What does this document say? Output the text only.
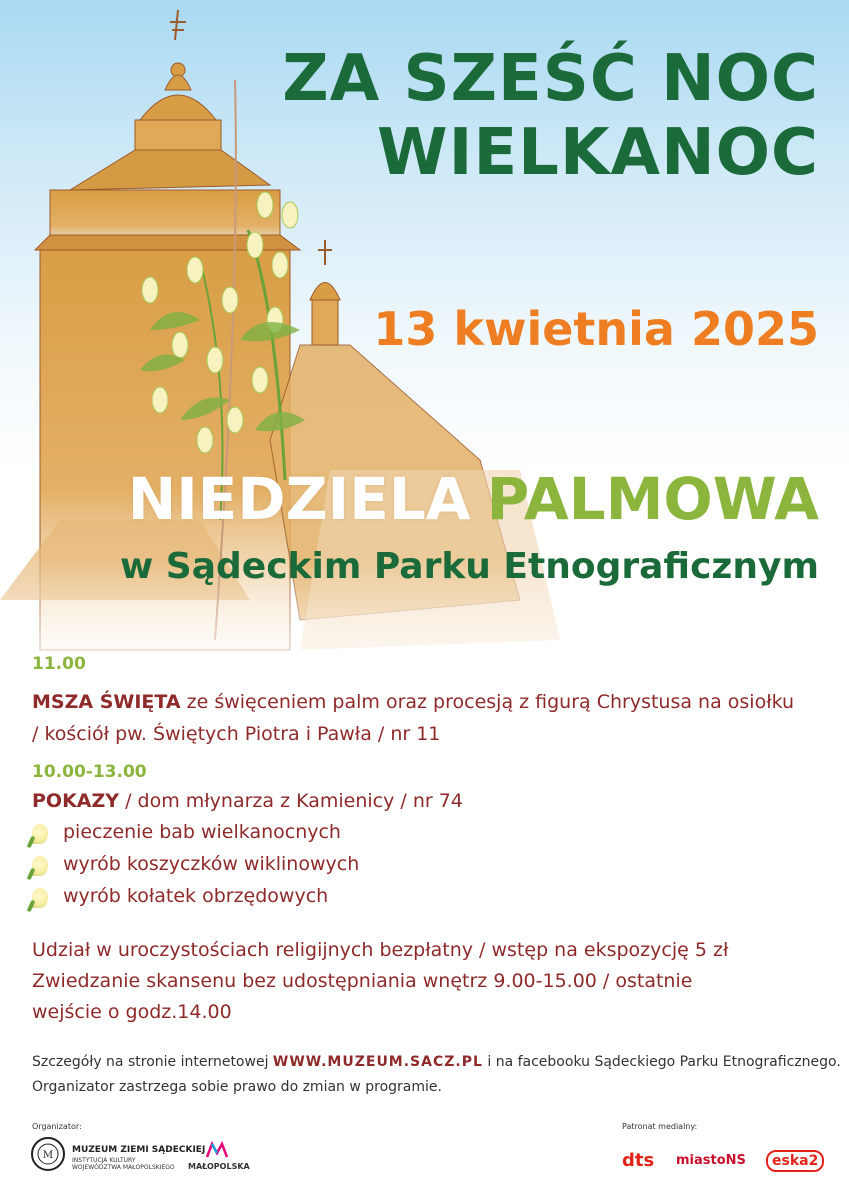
ZA SZEŚĆ NOC
WIELKANOC
13 kwietnia 2025
NIEDZIELA PALMOWA
w Sądeckim Parku Etnograficznym
11.00
MSZA ŚWIĘTA ze święceniem palm oraz procesją z figurą Chrystusa na osiołku
/ kościół pw. Świętych Piotra i Pawła / nr 11
10.00-13.00
POKAZY / dom młynarza z Kamienicy / nr 74
pieczenie bab wielkanocnych
wyrób koszyczków wiklinowych
wyrób kołatek obrzędowych
Udział w uroczystościach religijnych bezpłatny / wstęp na ekspozycję 5 zł
Zwiedzanie skansenu bez udostępniania wnętrz 9.00-15.00 / ostatnie
wejście o godz.14.00
Szczegóły na stronie internetowej WWW.MUZEUM.SACZ.PL i na facebooku Sądeckiego Parku Etnograficznego.
Organizator zastrzega sobie prawo do zmian w programie.
Organizator:
M MUZEUM ZIEMI SĄDECKIEJ
INSTYTUCJA KULTURY
WOJEWÓDZTWA MAŁOPOLSKIEGO MAŁOPOLSKA
Patronat medialny:
dts miastoNS	eska2
